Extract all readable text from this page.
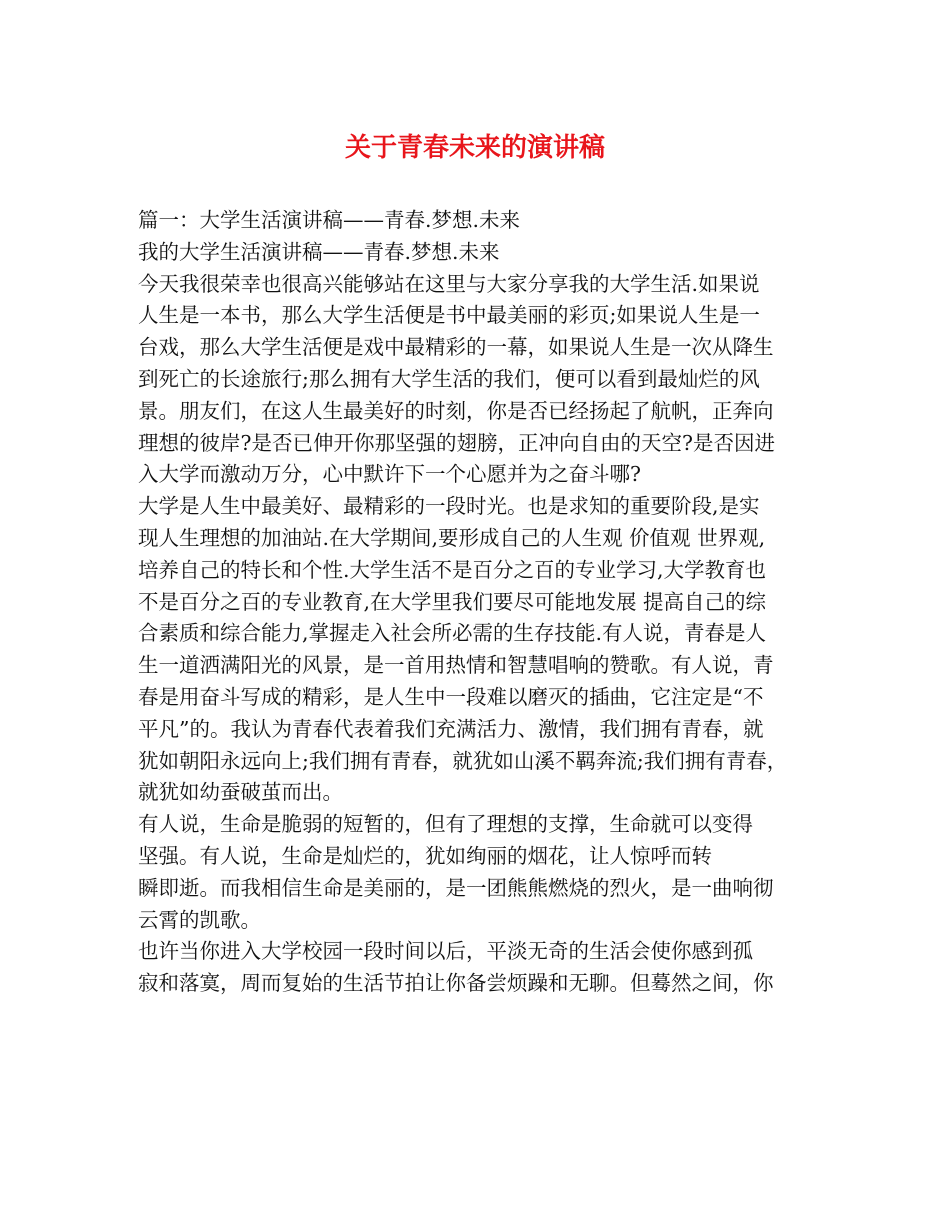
关于青春未来的演讲稿
篇一：大学生活演讲稿——青春.梦想.未来
我的大学生活演讲稿——青春.梦想.未来
今天我很荣幸也很高兴能够站在这里与大家分享我的大学生活.如果说
人生是一本书，那么大学生活便是书中最美丽的彩页;如果说人生是一
台戏，那么大学生活便是戏中最精彩的一幕，如果说人生是一次从降生
到死亡的长途旅行;那么拥有大学生活的我们，便可以看到最灿烂的风
景。朋友们，在这人生最美好的时刻，你是否已经扬起了航帆，正奔向
理想的彼岸?是否已伸开你那坚强的翅膀，正冲向自由的天空?是否因进
入大学而激动万分，心中默许下一个心愿并为之奋斗哪?
大学是人生中最美好、最精彩的一段时光。也是求知的重要阶段,是实
现人生理想的加油站.在大学期间,要形成自己的人生观 价值观 世界观,
培养自己的特长和个性.大学生活不是百分之百的专业学习,大学教育也
不是百分之百的专业教育,在大学里我们要尽可能地发展 提高自己的综
合素质和综合能力,掌握走入社会所必需的生存技能.有人说，青春是人
生一道洒满阳光的风景，是一首用热情和智慧唱响的赞歌。有人说，青
春是用奋斗写成的精彩，是人生中一段难以磨灭的插曲，它注定是“不
平凡”的。我认为青春代表着我们充满活力、激情，我们拥有青春，就
犹如朝阳永远向上;我们拥有青春，就犹如山溪不羁奔流;我们拥有青春，
就犹如幼蚕破茧而出。
有人说，生命是脆弱的短暂的，但有了理想的支撑，生命就可以变得
坚强。有人说，生命是灿烂的，犹如绚丽的烟花，让人惊呼而转
瞬即逝。而我相信生命是美丽的，是一团熊熊燃烧的烈火，是一曲响彻
云霄的凯歌。
也许当你进入大学校园一段时间以后，平淡无奇的生活会使你感到孤
寂和落寞，周而复始的生活节拍让你备尝烦躁和无聊。但蓦然之间，你
